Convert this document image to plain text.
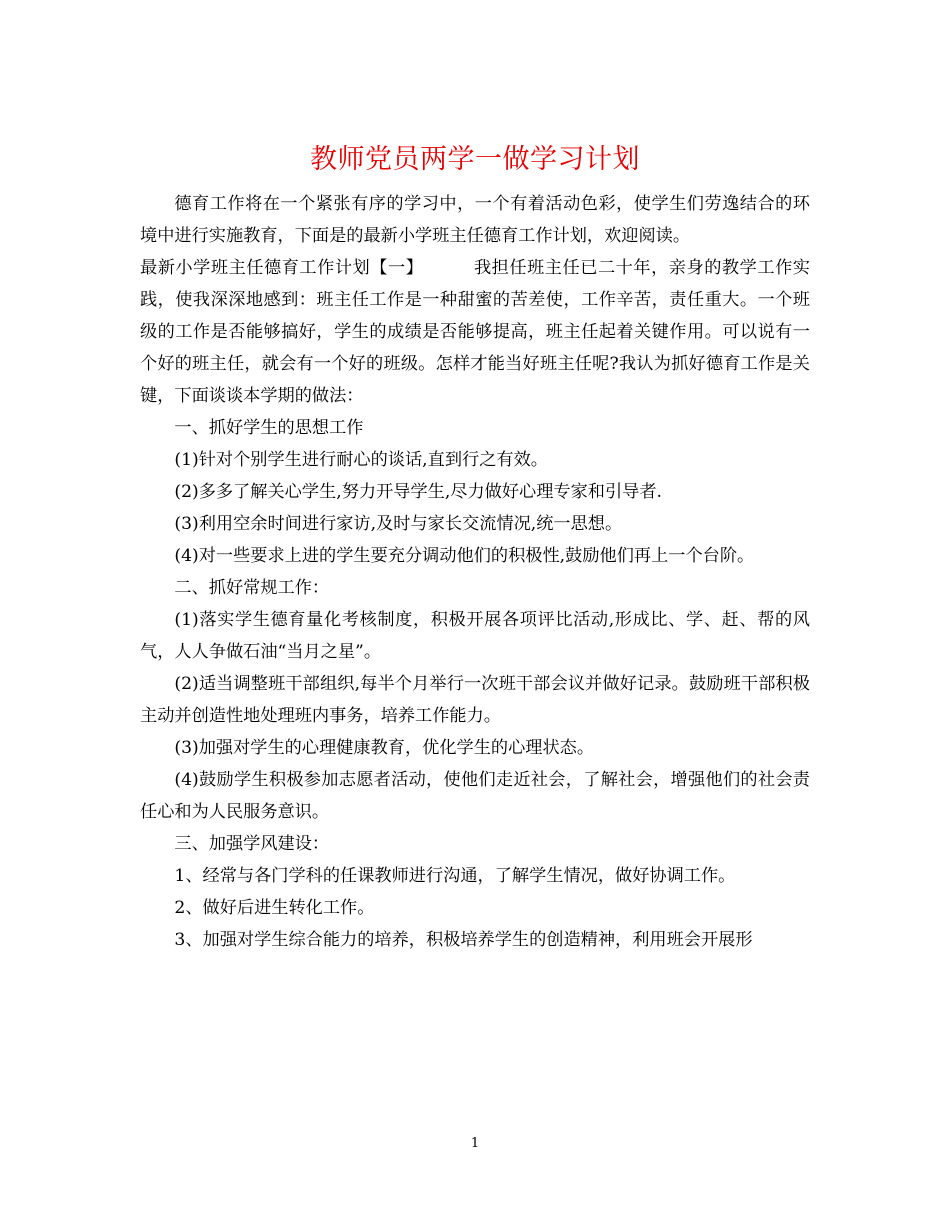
教师党员两学一做学习计划

德育工作将在一个紧张有序的学习中，一个有着活动色彩，使学生们劳逸结合的环境中进行实施教育，下面是的最新小学班主任德育工作计划，欢迎阅读。

最新小学班主任德育工作计划【一】	我担任班主任已二十年，亲身的教学工作实践，使我深深地感到：班主任工作是一种甜蜜的苦差使，工作辛苦，责任重大。一个班级的工作是否能够搞好，学生的成绩是否能够提高，班主任起着关键作用。可以说有一个好的班主任，就会有一个好的班级。怎样才能当好班主任呢?我认为抓好德育工作是关键，下面谈谈本学期的做法：

一、抓好学生的思想工作

(1)针对个别学生进行耐心的谈话,直到行之有效。

(2)多多了解关心学生,努力开导学生,尽力做好心理专家和引导者.

(3)利用空余时间进行家访,及时与家长交流情况,统一思想。

(4)对一些要求上进的学生要充分调动他们的积极性,鼓励他们再上一个台阶。

二、抓好常规工作：

(1)落实学生德育量化考核制度，积极开展各项评比活动,形成比、学、赶、帮的风气，人人争做石油“当月之星”。

(2)适当调整班干部组织,每半个月举行一次班干部会议并做好记录。鼓励班干部积极主动并创造性地处理班内事务，培养工作能力。

(3)加强对学生的心理健康教育，优化学生的心理状态。

(4)鼓励学生积极参加志愿者活动，使他们走近社会，了解社会，增强他们的社会责任心和为人民服务意识。

三、加强学风建设：

1、经常与各门学科的任课教师进行沟通，了解学生情况，做好协调工作。

2、做好后进生转化工作。

3、加强对学生综合能力的培养，积极培养学生的创造精神，利用班会开展形

1
